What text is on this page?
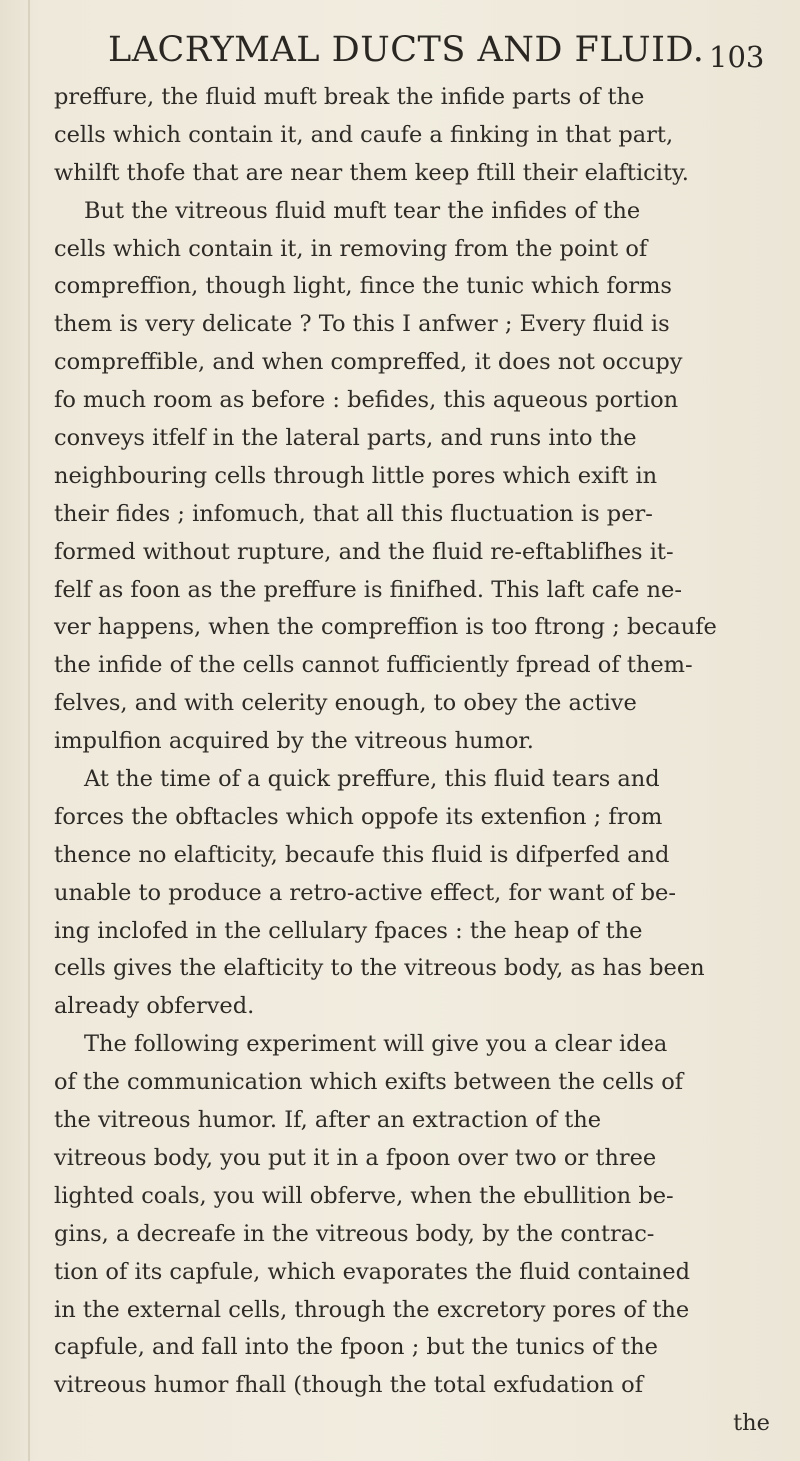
LACRYMAL DUCTS AND FLUID. 103
preffure, the fluid muft break the infide parts of the
cells which contain it, and caufe a finking in that part,
whilft thofe that are near them keep ftill their elafticity.
But the vitreous fluid muft tear the infides of the
cells which contain it, in removing from the point of
compreffion, though light, fince the tunic which forms
them is very delicate ? To this I anfwer ; Every fluid is
compreffible, and when compreffed, it does not occupy
fo much room as before : befides, this aqueous portion
conveys itfelf in the lateral parts, and runs into the
neighbouring cells through little pores which exift in
their fides ; infomuch, that all this fluctuation is per-
formed without rupture, and the fluid re-eftablifhes it-
felf as foon as the preffure is finifhed. This laft cafe ne-
ver happens, when the compreffion is too ftrong ; becaufe
the infide of the cells cannot fufficiently fpread of them-
felves, and with celerity enough, to obey the active
impulfion acquired by the vitreous humor.
At the time of a quick preffure, this fluid tears and
forces the obftacles which oppofe its extenfion ; from
thence no elafticity, becaufe this fluid is difperfed and
unable to produce a retro-active effect, for want of be-
ing inclofed in the cellulary fpaces : the heap of the
cells gives the elafticity to the vitreous body, as has been
already obferved.
The following experiment will give you a clear idea
of the communication which exifts between the cells of
the vitreous humor. If, after an extraction of the
vitreous body, you put it in a fpoon over two or three
lighted coals, you will obferve, when the ebullition be-
gins, a decreafe in the vitreous body, by the contrac-
tion of its capfule, which evaporates the fluid contained
in the external cells, through the excretory pores of the
capfule, and fall into the fpoon ; but the tunics of the
vitreous humor fhall (though the total exfudation of
the
